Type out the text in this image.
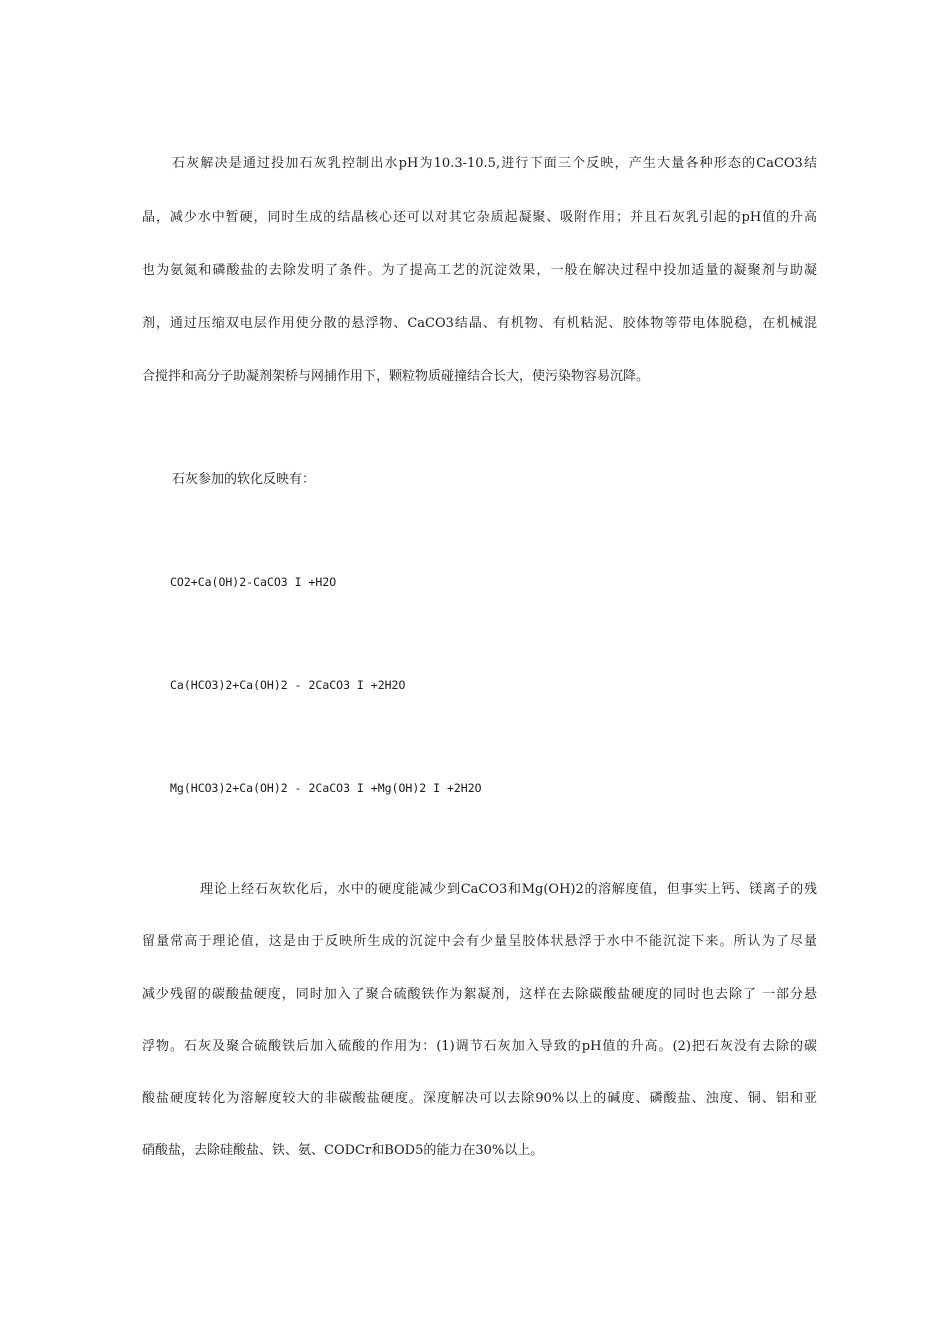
石灰解决是通过投加石灰乳控制出水pH为10.3-10.5,进行下面三个反映，产生大量各种形态的CaCO3结
晶，减少水中暂硬，同时生成的结晶核心还可以对其它杂质起凝聚、吸附作用；并且石灰乳引起的pH值的升高
也为氨氮和磷酸盐的去除发明了条件。为了提高工艺的沉淀效果，一般在解决过程中投加适量的凝聚剂与助凝
剂，通过压缩双电层作用使分散的悬浮物、CaCO3结晶、有机物、有机粘泥、胶体物等带电体脱稳，在机械混
合搅拌和高分子助凝剂架桥与网捕作用下，颗粒物质碰撞结合长大，使污染物容易沉降。
石灰参加的软化反映有：
CO2+Ca(OH)2-CaCO3 I +H2O
Ca(HCO3)2+Ca(OH)2 - 2CaCO3 I +2H2O
Mg(HCO3)2+Ca(OH)2 - 2CaCO3 I +Mg(OH)2 I +2H2O
理论上经石灰软化后，水中的硬度能减少到CaCO3和Mg(OH)2的溶解度值，但事实上钙、镁离子的残
留量常高于理论值，这是由于反映所生成的沉淀中会有少量呈胶体状悬浮于水中不能沉淀下来。所认为了尽量
减少残留的碳酸盐硬度，同时加入了聚合硫酸铁作为絮凝剂，这样在去除碳酸盐硬度的同时也去除了 一部分悬
浮物。石灰及聚合硫酸铁后加入硫酸的作用为：(1)调节石灰加入导致的pH值的升高。(2)把石灰没有去除的碳
酸盐硬度转化为溶解度较大的非碳酸盐硬度。深度解决可以去除90%以上的碱度、磷酸盐、浊度、铜、铝和亚
硝酸盐，去除硅酸盐、铁、氨、CODCr和BOD5的能力在30%以上。
